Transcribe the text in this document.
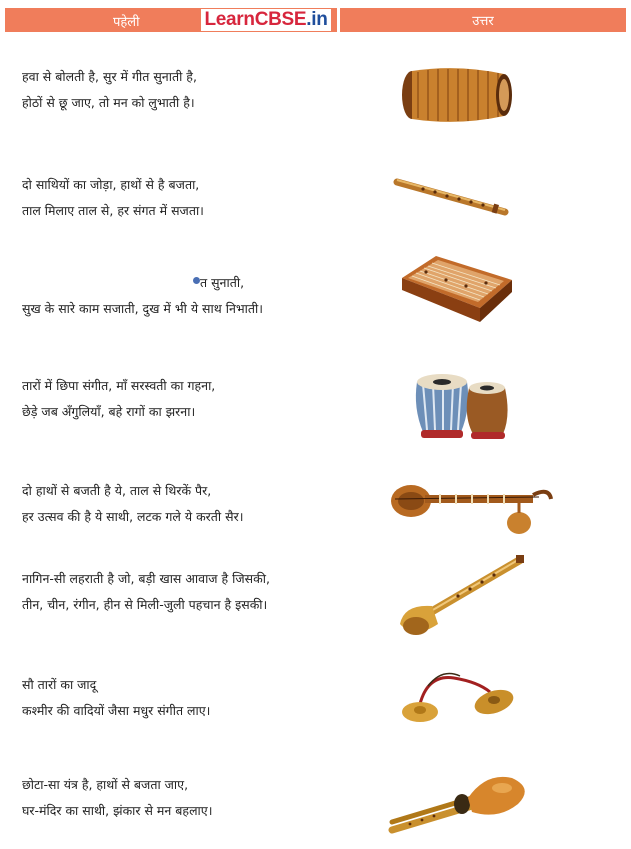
पहेली	LearnCBSE .in	उत्तर
हवा से बोलती है, सुर में गीत सुनाती है,
होठों से छू जाए, तो मन को लुभाती है।
दो साथियों का जोड़ा, हाथों से है बजता,
ताल मिलाए ताल से, हर संगत में सजता।
त सुनाती,
सुख के सारे काम सजाती, दुख में भी ये साथ निभाती।
तारों में छिपा संगीत, माँ सरस्वती का गहना,
छेड़े जब अँगुलियाँ, बहे रागों का झरना।
दो हाथों से बजती है ये, ताल से थिरकें पैर,
हर उत्सव की है ये साथी, लटक गले ये करती सैर।
नागिन-सी लहराती है जो, बड़ी खास आवाज है जिसकी,
तीन, चीन, रंगीन, हीन से मिली-जुली पहचान है इसकी।
सौ तारों का जादू
कश्मीर की वादियों जैसा मधुर संगीत लाए।
छोटा-सा यंत्र है, हाथों से बजता जाए,
घर-मंदिर का साथी, झंकार से मन बहलाए।
